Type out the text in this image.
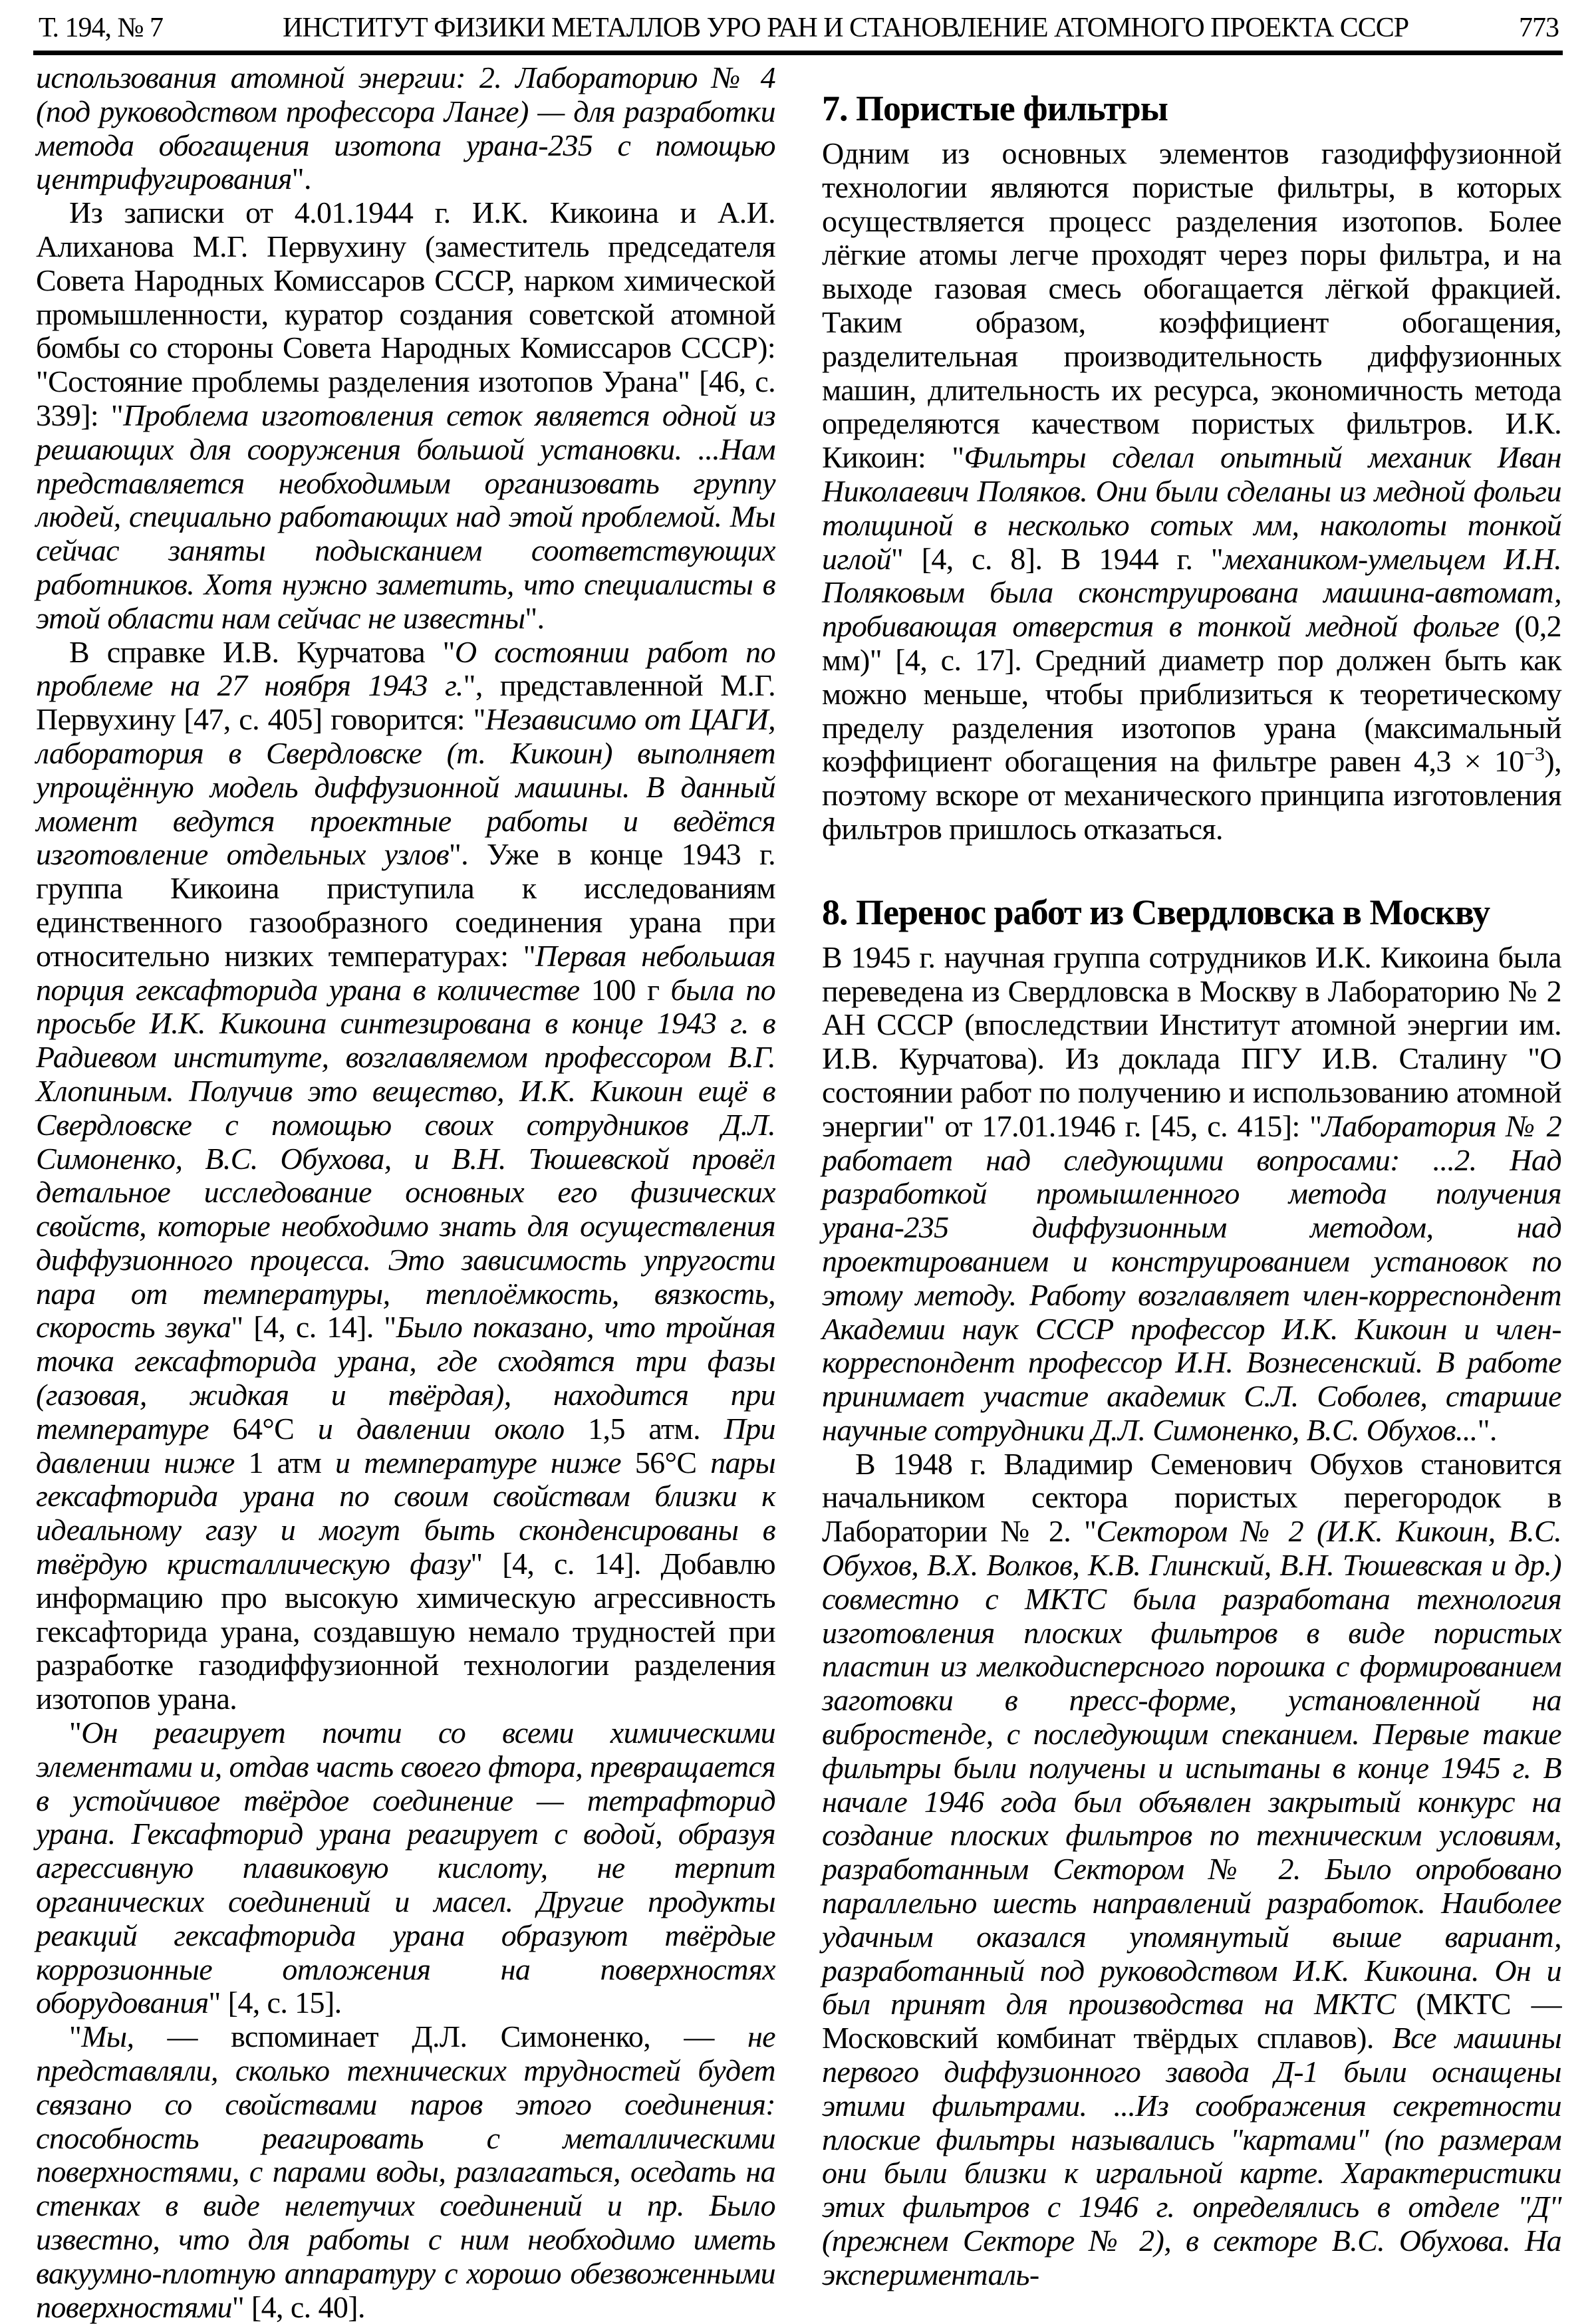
Т. 194, № 7	ИНСТИТУТ ФИЗИКИ МЕТАЛЛОВ УРО РАН И СТАНОВЛЕНИЕ АТОМНОГО ПРОЕКТА СССР	773

использования атомной энергии: 2. Лабораторию № 4 (под руководством профессора Ланге) — для разработки метода обогащения изотопа урана-235 с помощью центрифугирования".

Из записки от 4.01.1944 г. И.К. Кикоина и А.И. Алиханова М.Г. Первухину (заместитель председателя Совета Народных Комиссаров СССР, нарком химической промышленности, куратор создания советской атомной бомбы со стороны Совета Народных Комиссаров СССР): "Состояние проблемы разделения изотопов Урана" [46, с. 339]: "Проблема изготовления сеток является одной из решающих для сооружения большой установки. ...Нам представляется необходимым организовать группу людей, специально работающих над этой проблемой. Мы сейчас заняты подысканием соответствующих работников. Хотя нужно заметить, что специалисты в этой области нам сейчас не известны".

В справке И.В. Курчатова "О состоянии работ по проблеме на 27 ноября 1943 г.", представленной М.Г. Первухину [47, с. 405] говорится: "Независимо от ЦАГИ, лаборатория в Свердловске (т. Кикоин) выполняет упрощённую модель диффузионной машины. В данный момент ведутся проектные работы и ведётся изготовление отдельных узлов". Уже в конце 1943 г. группа Кикоина приступила к исследованиям единственного газообразного соединения урана при относительно низких температурах: "Первая небольшая порция гексафторида урана в количестве 100 г была по просьбе И.К. Кикоина синтезирована в конце 1943 г. в Радиевом институте, возглавляемом профессором В.Г. Хлопиным. Получив это вещество, И.К. Кикоин ещё в Свердловске с помощью своих сотрудников Д.Л. Симоненко, В.С. Обухова, и В.Н. Тюшевской провёл детальное исследование основных его физических свойств, которые необходимо знать для осуществления диффузионного процесса. Это зависимость упругости пара от температуры, теплоёмкость, вязкость, скорость звука" [4, с. 14]. "Было показано, что тройная точка гексафторида урана, где сходятся три фазы (газовая, жидкая и твёрдая), находится при температуре 64°C и давлении около 1,5 атм. При давлении ниже 1 атм и температуре ниже 56°C пары гексафторида урана по своим свойствам близки к идеальному газу и могут быть сконденсированы в твёрдую кристаллическую фазу" [4, с. 14]. Добавлю информацию про высокую химическую агрессивность гексафторида урана, создавшую немало трудностей при разработке газодиффузионной технологии разделения изотопов урана.

"Он реагирует почти со всеми химическими элементами и, отдав часть своего фтора, превращается в устойчивое твёрдое соединение — тетрафторид урана. Гексафторид урана реагирует с водой, образуя агрессивную плавиковую кислоту, не терпит органических соединений и масел. Другие продукты реакций гексафторида урана образуют твёрдые коррозионные отложения на поверхностях оборудования" [4, с. 15].

"Мы, — вспоминает Д.Л. Симоненко, — не представляли, сколько технических трудностей будет связано со свойствами паров этого соединения: способность реагировать с металлическими поверхностями, с парами воды, разлагаться, оседать на стенках в виде нелетучих соединений и пр. Было известно, что для работы с ним необходимо иметь вакуумно-плотную аппаратуру с хорошо обезвоженными поверхностями" [4, с. 40].

7. Пористые фильтры

Одним из основных элементов газодиффузионной технологии являются пористые фильтры, в которых осуществляется процесс разделения изотопов. Более лёгкие атомы легче проходят через поры фильтра, и на выходе газовая смесь обогащается лёгкой фракцией. Таким образом, коэффициент обогащения, разделительная производительность диффузионных машин, длительность их ресурса, экономичность метода определяются качеством пористых фильтров. И.К. Кикоин: "Фильтры сделал опытный механик Иван Николаевич Поляков. Они были сделаны из медной фольги толщиной в несколько сотых мм, наколоты тонкой иглой" [4, с. 8]. В 1944 г. "механиком-умельцем И.Н. Поляковым была сконструирована машина-автомат, пробивающая отверстия в тонкой медной фольге (0,2 мм)" [4, с. 17]. Средний диаметр пор должен быть как можно меньше, чтобы приблизиться к теоретическому пределу разделения изотопов урана (максимальный коэффициент обогащения на фильтре равен $4,3 \times 10^{-3}$), поэтому вскоре от механического принципа изготовления фильтров пришлось отказаться.

8. Перенос работ из Свердловска в Москву

В 1945 г. научная группа сотрудников И.К. Кикоина была переведена из Свердловска в Москву в Лабораторию № 2 АН СССР (впоследствии Институт атомной энергии им. И.В. Курчатова). Из доклада ПГУ И.В. Сталину "О состоянии работ по получению и использованию атомной энергии" от 17.01.1946 г. [45, с. 415]: "Лаборатория № 2 работает над следующими вопросами: ...2. Над разработкой промышленного метода получения урана-235 диффузионным методом, над проектированием и конструированием установок по этому методу. Работу возглавляет член-корреспондент Академии наук СССР профессор И.К. Кикоин и член-корреспондент профессор И.Н. Вознесенский. В работе принимает участие академик С.Л. Соболев, старшие научные сотрудники Д.Л. Симоненко, В.С. Обухов...".

В 1948 г. Владимир Семенович Обухов становится начальником сектора пористых перегородок в Лаборатории № 2. "Сектором № 2 (И.К. Кикоин, В.С. Обухов, В.Х. Волков, К.В. Глинский, В.Н. Тюшевская и др.) совместно с МКТС была разработана технология изготовления плоских фильтров в виде пористых пластин из мелкодисперсного порошка с формированием заготовки в пресс-форме, установленной на вибростенде, с последующим спеканием. Первые такие фильтры были получены и испытаны в конце 1945 г. В начале 1946 года был объявлен закрытый конкурс на создание плоских фильтров по техническим условиям, разработанным Сектором № 2. Было опробовано параллельно шесть направлений разработок. Наиболее удачным оказался упомянутый выше вариант, разработанный под руководством И.К. Кикоина. Он и был принят для производства на МКТС (МКТС — Московский комбинат твёрдых сплавов). Все машины первого диффузионного завода Д-1 были оснащены этими фильтрами. ...Из соображения секретности плоские фильтры назывались "картами" (по размерам они были близки к игральной карте. Характеристики этих фильтров с 1946 г. определялись в отделе "Д" (прежнем Секторе № 2), в секторе В.С. Обухова. На эксперименталь-
